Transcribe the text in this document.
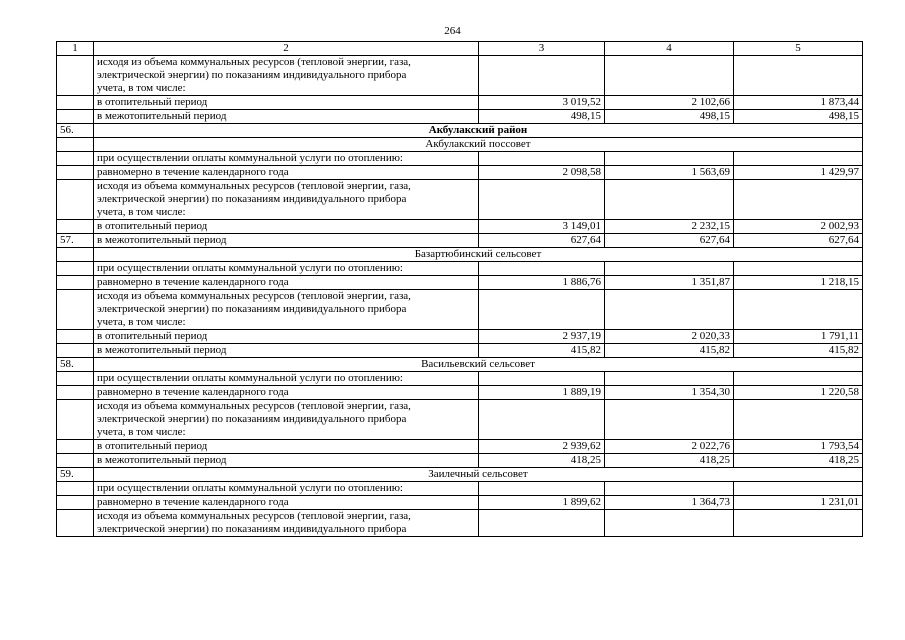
264
1	2	3	4	5

	исходя из объема коммунальных ресурсов (тепловой энергии, газа,
электрической энергии) по показаниям индивидуального прибора
учета, в том числе:			

	в отопительный период	3 019,52	2 102,66	1 873,44
	в межотопительный период	498,15	498,15	498,15
56.	Акбулакский район			
	Акбулакский поссовет			
	при осуществлении оплаты коммунальной услуги по отоплению:			
	равномерно в течение календарного года	2 098,58	1 563,69	1 429,97

	исходя из объема коммунальных ресурсов (тепловой энергии, газа,
электрической энергии) по показаниям индивидуального прибора
учета, в том числе:			

	в отопительный период	3 149,01	2 232,15	2 002,93
57.	в межотопительный период	627,64	627,64	627,64
	Базартюбинский сельсовет			
	при осуществлении оплаты коммунальной услуги по отоплению:			
	равномерно в течение календарного года	1 886,76	1 351,87	1 218,15

	исходя из объема коммунальных ресурсов (тепловой энергии, газа,
электрической энергии) по показаниям индивидуального прибора
учета, в том числе:			

	в отопительный период	2 937,19	2 020,33	1 791,11
	в межотопительный период	415,82	415,82	415,82
58.	Васильевский сельсовет			
	при осуществлении оплаты коммунальной услуги по отоплению:			
	равномерно в течение календарного года	1 889,19	1 354,30	1 220,58

	исходя из объема коммунальных ресурсов (тепловой энергии, газа,
электрической энергии) по показаниям индивидуального прибора
учета, в том числе:			

	в отопительный период	2 939,62	2 022,76	1 793,54
	в межотопительный период	418,25	418,25	418,25
59.	Заилечный сельсовет			
	при осуществлении оплаты коммунальной услуги по отоплению:			
	равномерно в течение календарного года	1 899,62	1 364,73	1 231,01

	исходя из объема коммунальных ресурсов (тепловой энергии, газа,
электрической энергии) по показаниям индивидуального прибора			
